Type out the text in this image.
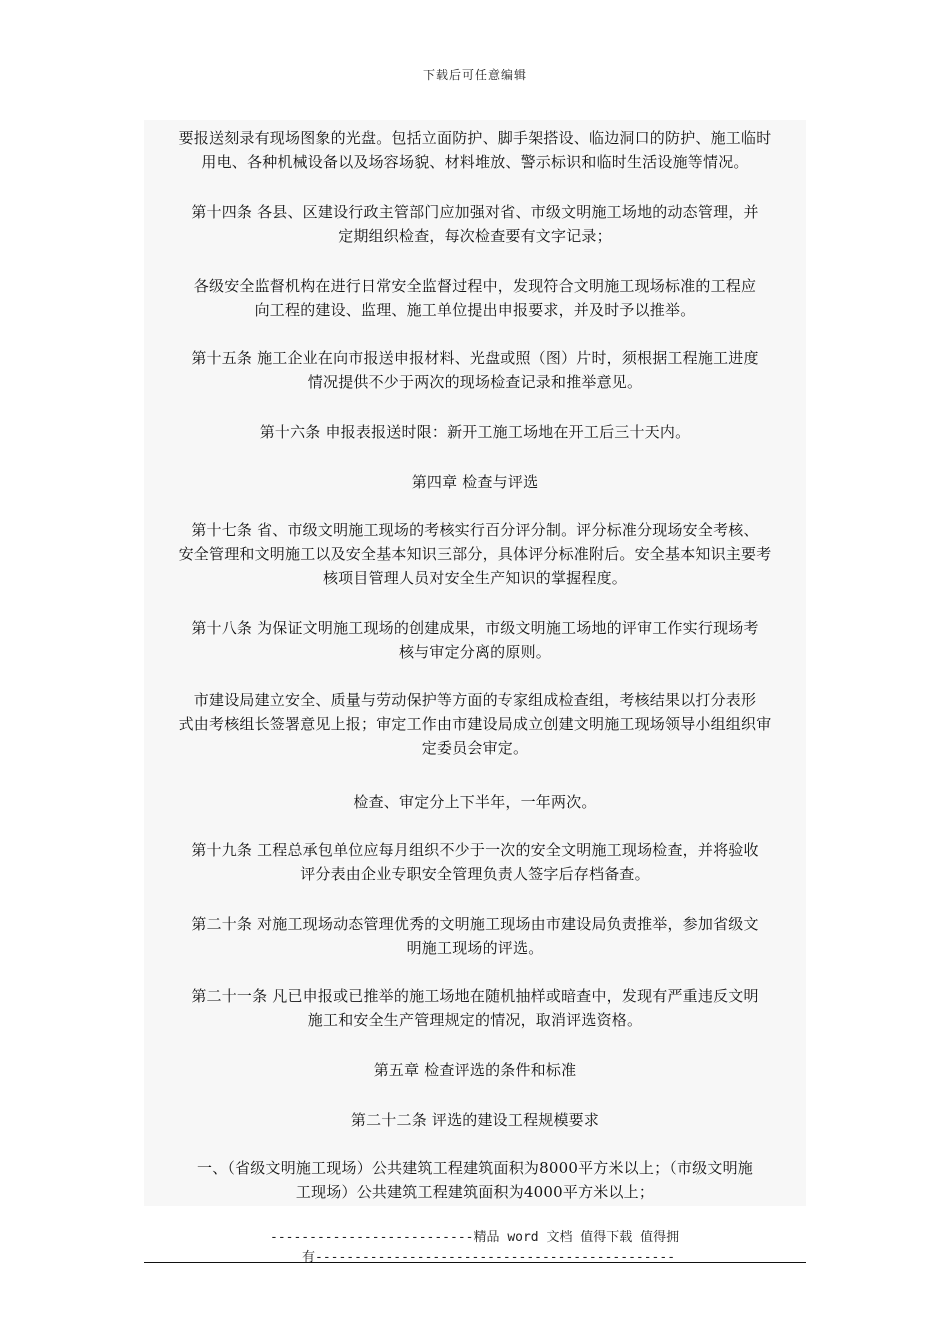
下载后可任意编辑
要报送刻录有现场图象的光盘。包括立面防护、脚手架搭设、临边洞口的防护、施工临时
用电、各种机械设备以及场容场貌、材料堆放、警示标识和临时生活设施等情况。
第十四条 各县、区建设行政主管部门应加强对省、市级文明施工场地的动态管理，并
定期组织检查，每次检查要有文字记录；
各级安全监督机构在进行日常安全监督过程中，发现符合文明施工现场标准的工程应
向工程的建设、监理、施工单位提出申报要求，并及时予以推举。
第十五条 施工企业在向市报送申报材料、光盘或照（图）片时，须根据工程施工进度
情况提供不少于两次的现场检查记录和推举意见。
第十六条 申报表报送时限：新开工施工场地在开工后三十天内。
第四章 检查与评选
第十七条 省、市级文明施工现场的考核实行百分评分制。评分标准分现场安全考核、
安全管理和文明施工以及安全基本知识三部分，具体评分标准附后。安全基本知识主要考
核项目管理人员对安全生产知识的掌握程度。
第十八条 为保证文明施工现场的创建成果，市级文明施工场地的评审工作实行现场考
核与审定分离的原则。
市建设局建立安全、质量与劳动保护等方面的专家组成检查组，考核结果以打分表形
式由考核组长签署意见上报；审定工作由市建设局成立创建文明施工现场领导小组组织审
定委员会审定。
检查、审定分上下半年，一年两次。
第十九条 工程总承包单位应每月组织不少于一次的安全文明施工现场检查，并将验收
评分表由企业专职安全管理负责人签字后存档备查。
第二十条 对施工现场动态管理优秀的文明施工现场由市建设局负责推举，参加省级文
明施工现场的评选。
第二十一条 凡已申报或已推举的施工场地在随机抽样或暗查中，发现有严重违反文明
施工和安全生产管理规定的情况，取消评选资格。
第五章 检查评选的条件和标准
第二十二条 评选的建设工程规模要求
一、（省级文明施工现场）公共建筑工程建筑面积为8000平方米以上；（市级文明施
工现场）公共建筑工程建筑面积为4000平方米以上；
--------------------------精品 word 文档 值得下载 值得拥
有----------------------------------------------
